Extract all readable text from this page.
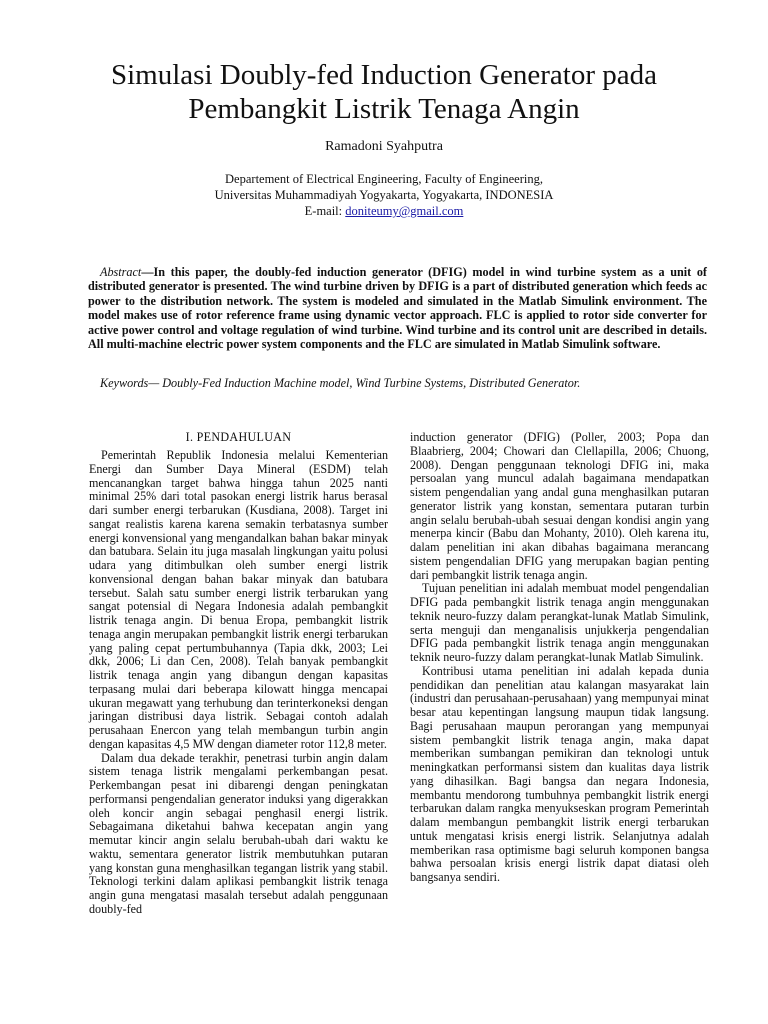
Simulasi Doubly-fed Induction Generator pada
Pembangkit Listrik Tenaga Angin
Ramadoni Syahputra
Departement of Electrical Engineering, Faculty of Engineering,
Universitas Muhammadiyah Yogyakarta, Yogyakarta, INDONESIA
E-mail: doniteumy@gmail.com
Abstract—In this paper, the doubly-fed induction generator (DFIG) model in wind turbine system as a unit of distributed generator is presented. The wind turbine driven by DFIG is a part of distributed generation which feeds ac power to the distribution network. The system is modeled and simulated in the Matlab Simulink environment. The model makes use of rotor reference frame using dynamic vector approach. FLC is applied to rotor side converter for active power control and voltage regulation of wind turbine. Wind turbine and its control unit are described in details. All multi-machine electric power system components and the FLC are simulated in Matlab Simulink software.
Keywords— Doubly-Fed Induction Machine model, Wind Turbine Systems, Distributed Generator.
I. PENDAHULUAN

Pemerintah Republik Indonesia melalui Kementerian Energi dan Sumber Daya Mineral (ESDM) telah mencanangkan target bahwa hingga tahun 2025 nanti minimal 25% dari total pasokan energi listrik harus berasal dari sumber energi terbarukan (Kusdiana, 2008). Target ini sangat realistis karena karena semakin terbatasnya sumber energi konvensional yang mengandalkan bahan bakar minyak dan batubara. Selain itu juga masalah lingkungan yaitu polusi udara yang ditimbulkan oleh sumber energi listrik konvensional dengan bahan bakar minyak dan batubara tersebut. Salah satu sumber energi listrik terbarukan yang sangat potensial di Negara Indonesia adalah pembangkit listrik tenaga angin. Di benua Eropa, pembangkit listrik tenaga angin merupakan pembangkit listrik energi terbarukan yang paling cepat pertumbuhannya (Tapia dkk, 2003; Lei dkk, 2006; Li dan Cen, 2008). Telah banyak pembangkit listrik tenaga angin yang dibangun dengan kapasitas terpasang mulai dari beberapa kilowatt hingga mencapai ukuran megawatt yang terhubung dan terinterkoneksi dengan jaringan distribusi daya listrik. Sebagai contoh adalah perusahaan Enercon yang telah membangun turbin angin dengan kapasitas 4,5 MW dengan diameter rotor 112,8 meter.

Dalam dua dekade terakhir, penetrasi turbin angin dalam sistem tenaga listrik mengalami perkembangan pesat. Perkembangan pesat ini dibarengi dengan peningkatan performansi pengendalian generator induksi yang digerakkan oleh koncir angin sebagai penghasil energi listrik. Sebagaimana diketahui bahwa kecepatan angin yang memutar kincir angin selalu berubah-ubah dari waktu ke waktu, sementara generator listrik membutuhkan putaran yang konstan guna menghasilkan tegangan listrik yang stabil. Teknologi terkini dalam aplikasi pembangkit listrik tenaga angin guna mengatasi masalah tersebut adalah penggunaan doubly-fed

induction generator (DFIG) (Poller, 2003; Popa dan Blaabrierg, 2004; Chowari dan Clellapilla, 2006; Chuong, 2008). Dengan penggunaan teknologi DFIG ini, maka persoalan yang muncul adalah bagaimana mendapatkan sistem pengendalian yang andal guna menghasilkan putaran generator listrik yang konstan, sementara putaran turbin angin selalu berubah-ubah sesuai dengan kondisi angin yang menerpa kincir (Babu dan Mohanty, 2010). Oleh karena itu, dalam penelitian ini akan dibahas bagaimana merancang sistem pengendalian DFIG yang merupakan bagian penting dari pembangkit listrik tenaga angin.

Tujuan penelitian ini adalah membuat model pengendalian DFIG pada pembangkit listrik tenaga angin menggunakan teknik neuro-fuzzy dalam perangkat-lunak Matlab Simulink, serta menguji dan menganalisis unjukkerja pengendalian DFIG pada pembangkit listrik tenaga angin menggunakan teknik neuro-fuzzy dalam perangkat-lunak Matlab Simulink.

Kontribusi utama penelitian ini adalah kepada dunia pendidikan dan penelitian atau kalangan masyarakat lain (industri dan perusahaan-perusahaan) yang mempunyai minat besar atau kepentingan langsung maupun tidak langsung. Bagi perusahaan maupun perorangan yang mempunyai sistem pembangkit listrik tenaga angin, maka dapat memberikan sumbangan pemikiran dan teknologi untuk meningkatkan performansi sistem dan kualitas daya listrik yang dihasilkan. Bagi bangsa dan negara Indonesia, membantu mendorong tumbuhnya pembangkit listrik energi terbarukan dalam rangka menyukseskan program Pemerintah dalam membangun pembangkit listrik energi terbarukan untuk mengatasi krisis energi listrik. Selanjutnya adalah memberikan rasa optimisme bagi seluruh komponen bangsa bahwa persoalan krisis energi listrik dapat diatasi oleh bangsanya sendiri.
